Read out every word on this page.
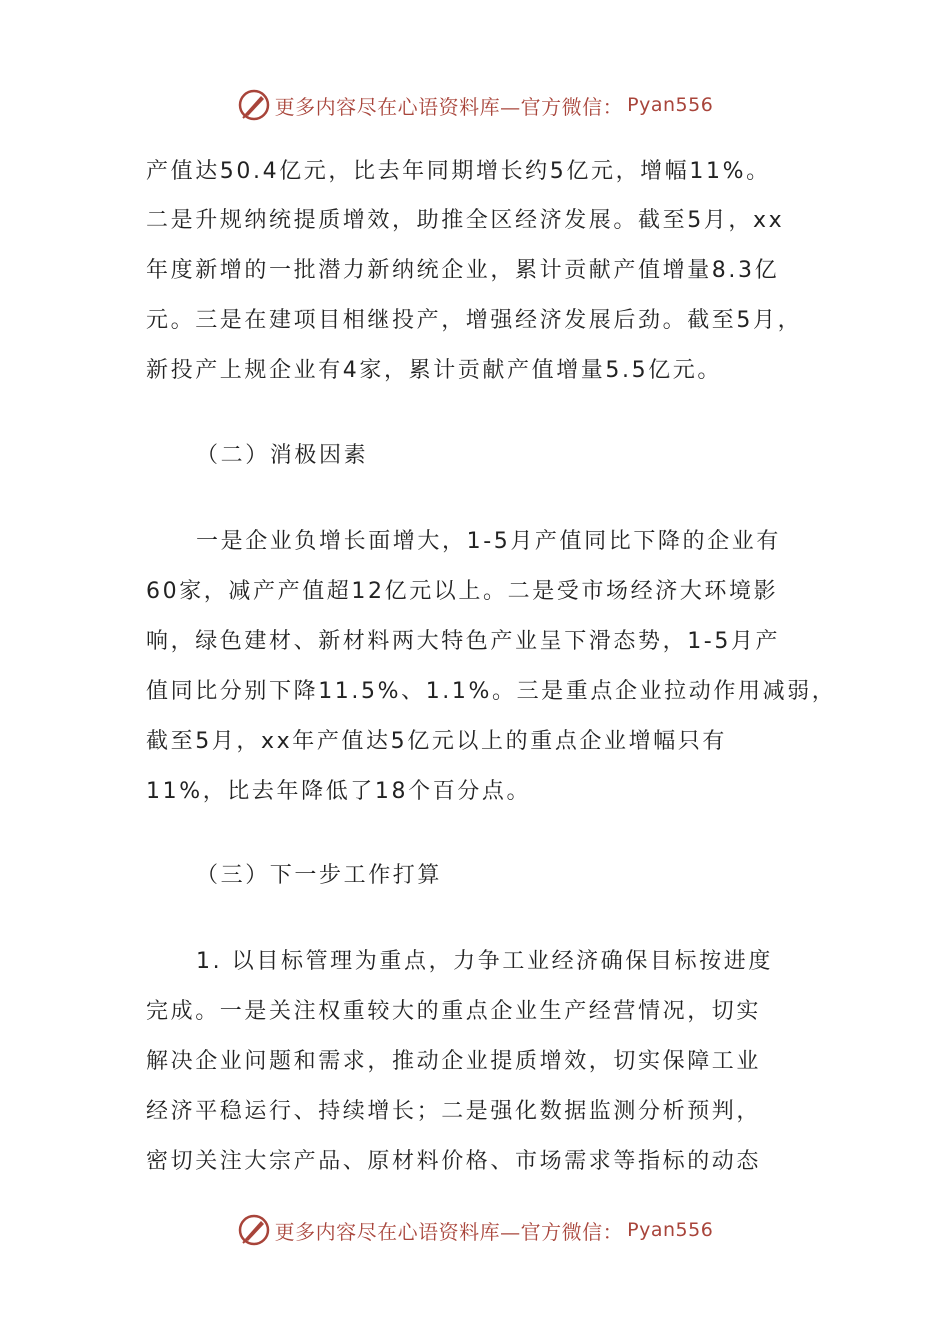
更多内容尽在心语资料库—官方微信： Pyan556
产值达50.4亿元，比去年同期增长约5亿元，增幅11%。
二是升规纳统提质增效，助推全区经济发展。截至5月，xx
年度新增的一批潜力新纳统企业，累计贡献产值增量8.3亿
元。三是在建项目相继投产，增强经济发展后劲。截至5月，
新投产上规企业有4家，累计贡献产值增量5.5亿元。
（二）消极因素
一是企业负增长面增大，1-5月产值同比下降的企业有
60家，减产产值超12亿元以上。二是受市场经济大环境影
响，绿色建材、新材料两大特色产业呈下滑态势，1-5月产
值同比分别下降11.5%、1.1%。三是重点企业拉动作用减弱，
截至5月，xx年产值达5亿元以上的重点企业增幅只有
11%，比去年降低了18个百分点。
（三）下一步工作打算
1. 以目标管理为重点，力争工业经济确保目标按进度
完成。一是关注权重较大的重点企业生产经营情况，切实
解决企业问题和需求，推动企业提质增效，切实保障工业
经济平稳运行、持续增长；二是强化数据监测分析预判，
密切关注大宗产品、原材料价格、市场需求等指标的动态
更多内容尽在心语资料库—官方微信： Pyan556
